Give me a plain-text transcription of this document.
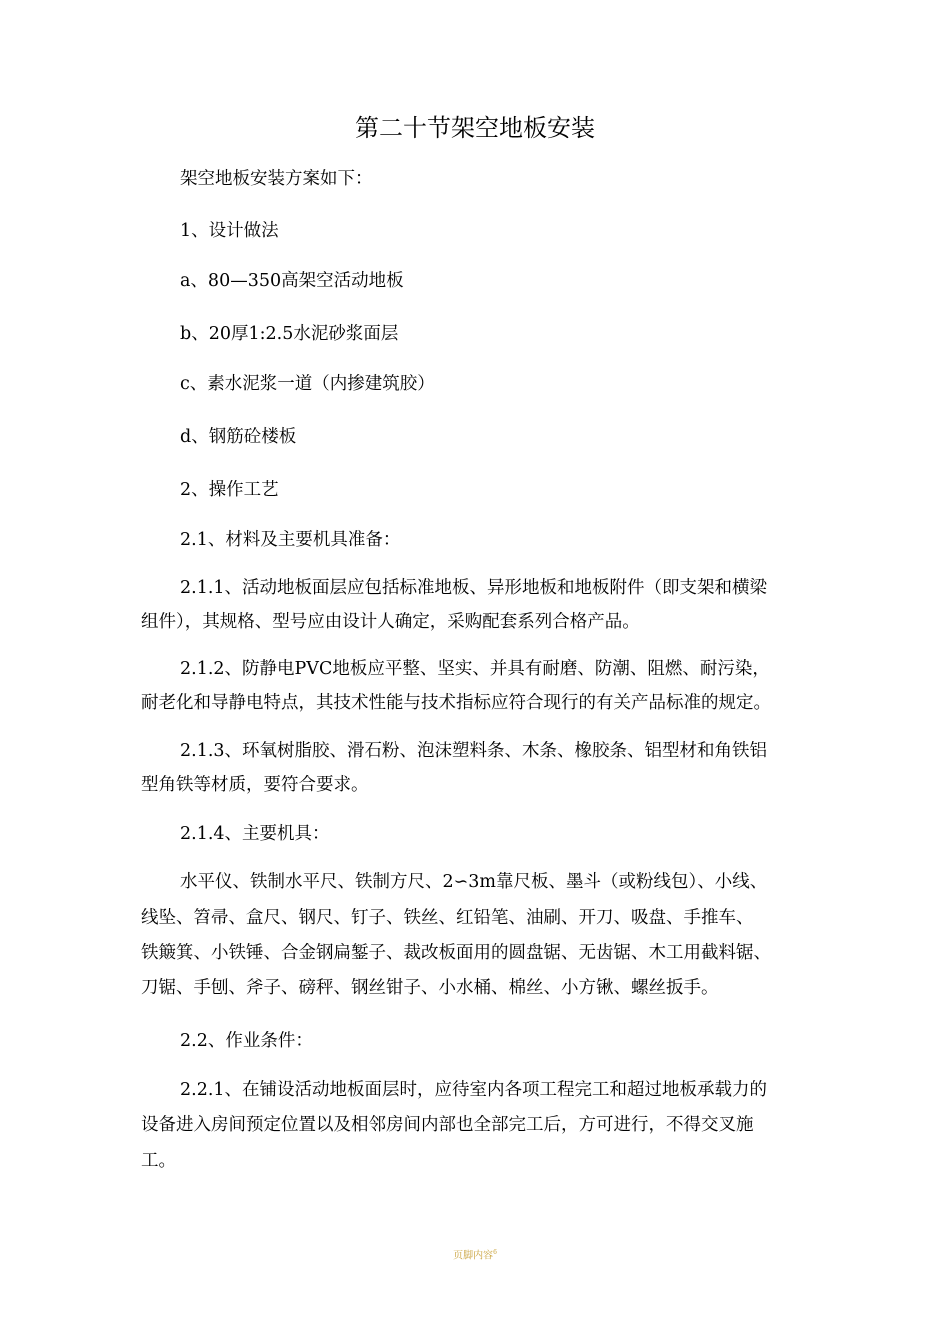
第二十节架空地板安装
架空地板安装方案如下：
1、设计做法
a、80—350高架空活动地板
b、20厚1:2.5水泥砂浆面层
c、素水泥浆一道（内掺建筑胶）
d、钢筋砼楼板
2、操作工艺
2.1、材料及主要机具准备：
2.1.1、活动地板面层应包括标准地板、异形地板和地板附件（即支架和横梁
组件），其规格、型号应由设计人确定，采购配套系列合格产品。
2.1.2、防静电PVC地板应平整、坚实、并具有耐磨、防潮、阻燃、耐污染，
耐老化和导静电特点，其技术性能与技术指标应符合现行的有关产品标准的规定。
2.1.3、环氧树脂胶、滑石粉、泡沫塑料条、木条、橡胶条、铝型材和角铁铝
型角铁等材质，要符合要求。
2.1.4、主要机具：
水平仪、铁制水平尺、铁制方尺、2∽3m靠尺板、墨斗（或粉线包）、小线、
线坠、笤帚、盒尺、钢尺、钉子、铁丝、红铅笔、油刷、开刀、吸盘、手推车、
铁簸箕、小铁锤、合金钢扁錾子、裁改板面用的圆盘锯、无齿锯、木工用截料锯、
刀锯、手刨、斧子、磅秤、钢丝钳子、小水桶、棉丝、小方锹、螺丝扳手。
2.2、作业条件：
2.2.1、在铺设活动地板面层时，应待室内各项工程完工和超过地板承载力的
设备进入房间预定位置以及相邻房间内部也全部完工后，方可进行，不得交叉施
工。
页脚内容$^6$
